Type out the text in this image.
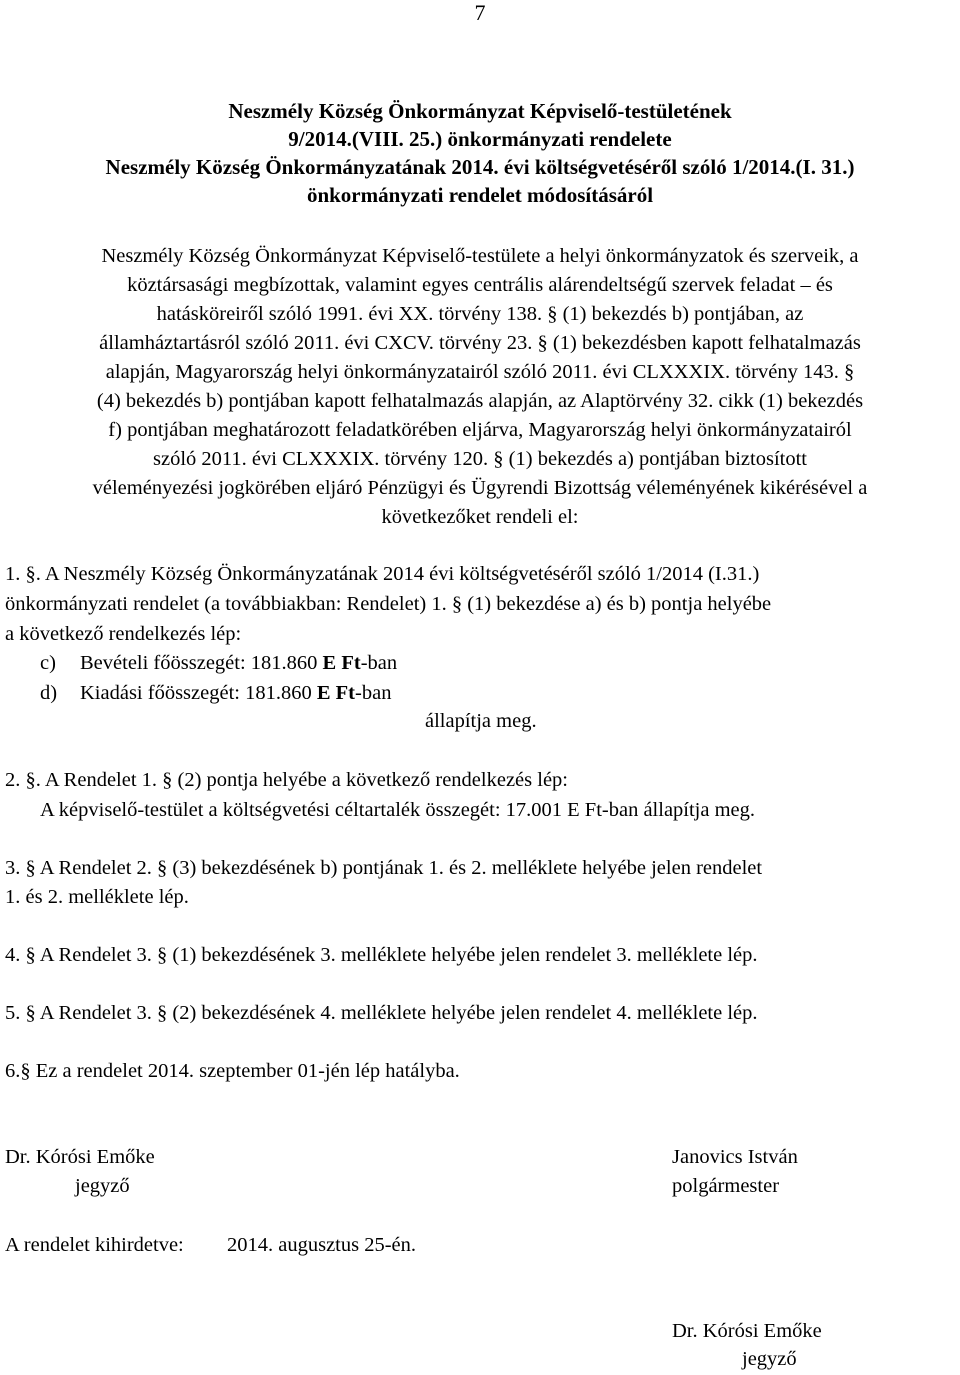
7
Neszmély Község Önkormányzat Képviselő-testületének
9/2014.(VIII. 25.) önkormányzati rendelete
Neszmély Község Önkormányzatának 2014. évi költségvetéséről szóló 1/2014.(I. 31.)
önkormányzati rendelet módosításáról
Neszmély Község Önkormányzat Képviselő-testülete a helyi önkormányzatok és szerveik, a
köztársasági megbízottak, valamint egyes centrális alárendeltségű szervek feladat – és
hatásköreiről szóló 1991. évi XX. törvény 138. § (1) bekezdés b) pontjában, az
államháztartásról szóló 2011. évi CXCV. törvény 23. § (1) bekezdésben kapott felhatalmazás
alapján, Magyarország helyi önkormányzatairól szóló 2011. évi CLXXXIX. törvény 143. §
(4) bekezdés b) pontjában kapott felhatalmazás alapján, az Alaptörvény 32. cikk (1) bekezdés
f) pontjában meghatározott feladatkörében eljárva, Magyarország helyi önkormányzatairól
szóló 2011. évi CLXXXIX. törvény 120. § (1) bekezdés a) pontjában biztosított
véleményezési jogkörében eljáró Pénzügyi és Ügyrendi Bizottság véleményének kikérésével a
következőket rendeli el:
1. §. A Neszmély Község Önkormányzatának 2014 évi költségvetéséről szóló 1/2014 (I.31.)
önkormányzati rendelet (a továbbiakban: Rendelet) 1. § (1) bekezdése a) és b) pontja helyébe
a következő rendelkezés lép:
c) Bevételi főösszegét: 181.860 E Ft-ban
d) Kiadási főösszegét: 181.860 E Ft-ban
állapítja meg.
2. §. A Rendelet 1. § (2) pontja helyébe a következő rendelkezés lép:
A képviselő-testület a költségvetési céltartalék összegét: 17.001 E Ft-ban állapítja meg.
3. § A Rendelet 2. § (3) bekezdésének b) pontjának 1. és 2. melléklete helyébe jelen rendelet
1. és 2. melléklete lép.
4. § A Rendelet 3. § (1) bekezdésének 3. melléklete helyébe jelen rendelet 3. melléklete lép.
5. § A Rendelet 3. § (2) bekezdésének 4. melléklete helyébe jelen rendelet 4. melléklete lép.
6.§ Ez a rendelet 2014. szeptember 01-jén lép hatályba.
Dr. Kórósi Emőke
jegyző
Janovics István
polgármester
A rendelet kihirdetve: 2014. augusztus 25-én.
Dr. Kórósi Emőke
jegyző
